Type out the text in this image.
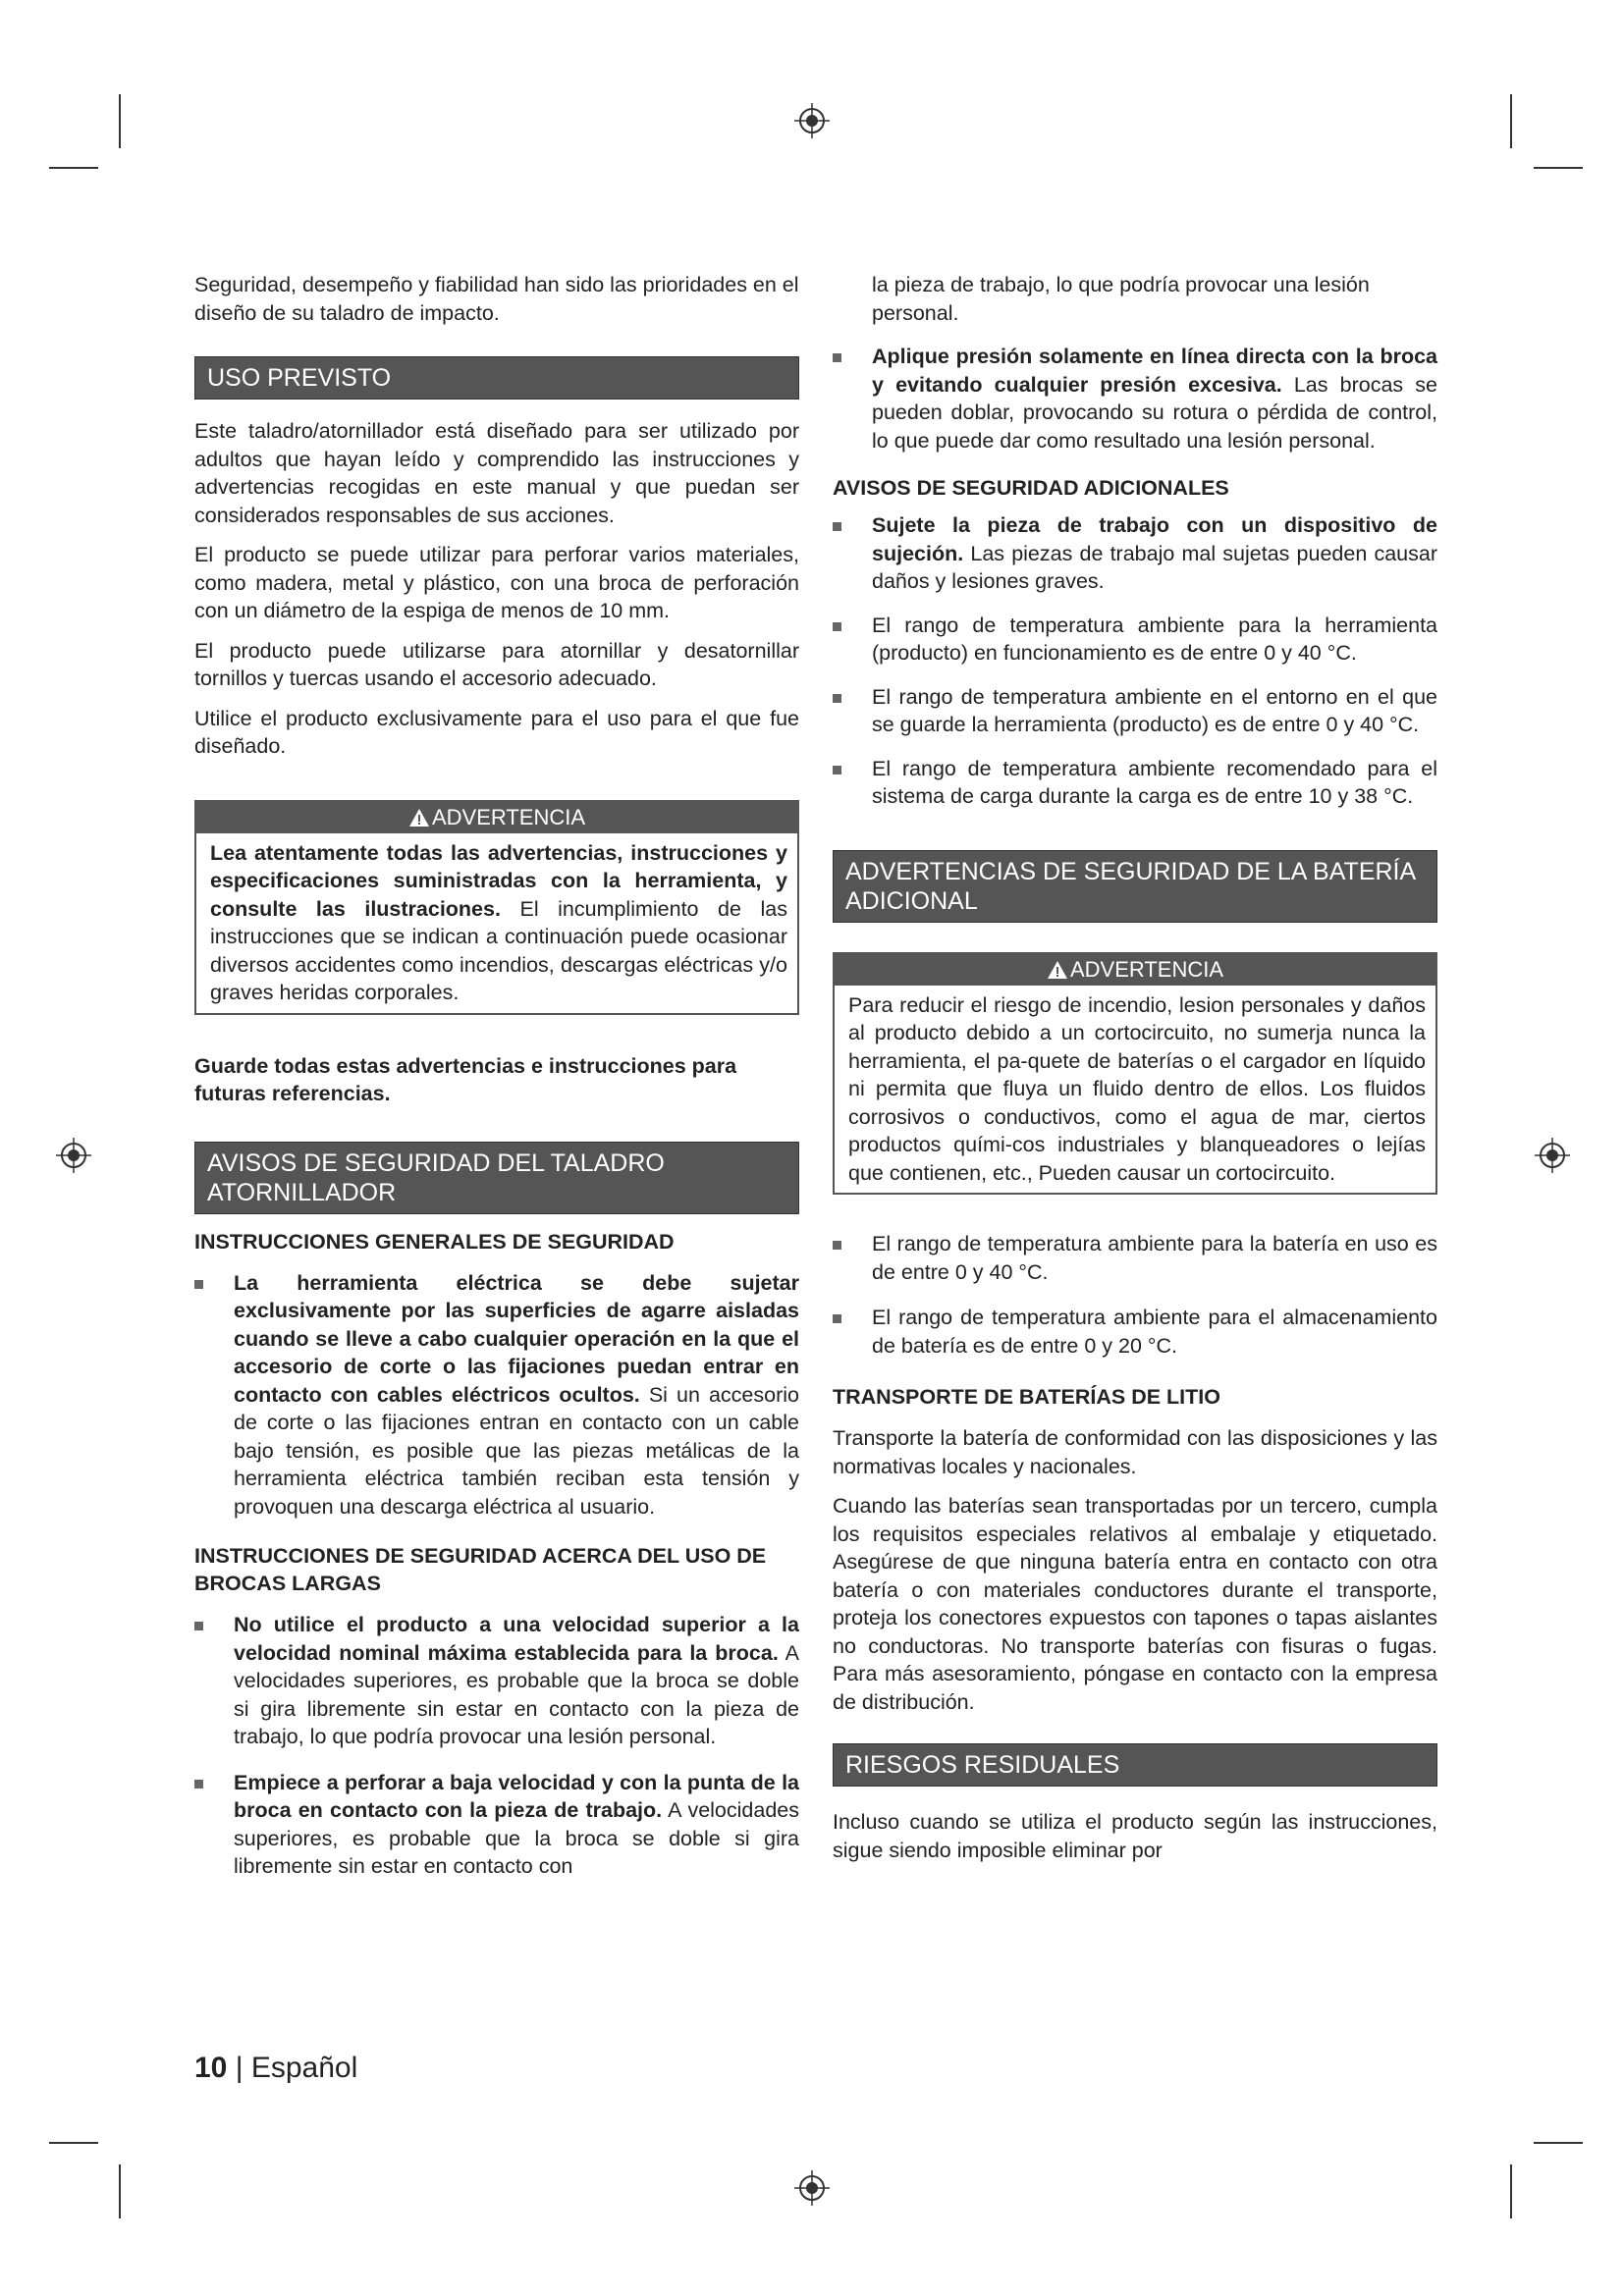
Seguridad, desempeño y fiabilidad han sido las prioridades en el diseño de su taladro de impacto.

USO PREVISTO

Este taladro/atornillador está diseñado para ser utilizado por adultos que hayan leído y comprendido las instrucciones y advertencias recogidas en este manual y que puedan ser considerados responsables de sus acciones.

El producto se puede utilizar para perforar varios materiales, como madera, metal y plástico, con una broca de perforación con un diámetro de la espiga de menos de 10 mm.

El producto puede utilizarse para atornillar y desatornillar tornillos y tuercas usando el accesorio adecuado.

Utilice el producto exclusivamente para el uso para el que fue diseñado.

ADVERTENCIA
Lea atentamente todas las advertencias, instrucciones y especificaciones suministradas con la herramienta, y consulte las ilustraciones. El incumplimiento de las instrucciones que se indican a continuación puede ocasionar diversos accidentes como incendios, descargas eléctricas y/o graves heridas corporales.

Guarde todas estas advertencias e instrucciones para futuras referencias.

AVISOS DE SEGURIDAD DEL TALADRO ATORNILLADOR
INSTRUCCIONES GENERALES DE SEGURIDAD
La herramienta eléctrica se debe sujetar exclusivamente por las superficies de agarre aisladas cuando se lleve a cabo cualquier operación en la que el accesorio de corte o las fijaciones puedan entrar en contacto con cables eléctricos ocultos. Si un accesorio de corte o las fijaciones entran en contacto con un cable bajo tensión, es posible que las piezas metálicas de la herramienta eléctrica también reciban esta tensión y provoquen una descarga eléctrica al usuario.
INSTRUCCIONES DE SEGURIDAD ACERCA DEL USO DE BROCAS LARGAS
No utilice el producto a una velocidad superior a la velocidad nominal máxima establecida para la broca. A velocidades superiores, es probable que la broca se doble si gira libremente sin estar en contacto con la pieza de trabajo, lo que podría provocar una lesión personal.
Empiece a perforar a baja velocidad y con la punta de la broca en contacto con la pieza de trabajo. A velocidades superiores, es probable que la broca se doble si gira libremente sin estar en contacto con

la pieza de trabajo, lo que podría provocar una lesión personal.

Aplique presión solamente en línea directa con la broca y evitando cualquier presión excesiva. Las brocas se pueden doblar, provocando su rotura o pérdida de control, lo que puede dar como resultado una lesión personal.
AVISOS DE SEGURIDAD ADICIONALES
Sujete la pieza de trabajo con un dispositivo de sujeción. Las piezas de trabajo mal sujetas pueden causar daños y lesiones graves.
El rango de temperatura ambiente para la herramienta (producto) en funcionamiento es de entre 0 y 40 °C.
El rango de temperatura ambiente en el entorno en el que se guarde la herramienta (producto) es de entre 0 y 40 °C.
El rango de temperatura ambiente recomendado para el sistema de carga durante la carga es de entre 10 y 38 °C.
ADVERTENCIAS DE SEGURIDAD DE LA BATERÍA ADICIONAL
ADVERTENCIA
Para reducir el riesgo de incendio, lesion personales y daños al producto debido a un cortocircuito, no sumerja nunca la herramienta, el pa-quete de baterías o el cargador en líquido ni permita que fluya un fluido dentro de ellos. Los fluidos corrosivos o conductivos, como el agua de mar, ciertos productos quími-cos industriales y blanqueadores o lejías que contienen, etc., Pueden causar un cortocircuito.
El rango de temperatura ambiente para la batería en uso es de entre 0 y 40 °C.
El rango de temperatura ambiente para el almacenamiento de batería es de entre 0 y 20 °C.
TRANSPORTE DE BATERÍAS DE LITIO

Transporte la batería de conformidad con las disposiciones y las normativas locales y nacionales.

Cuando las baterías sean transportadas por un tercero, cumpla los requisitos especiales relativos al embalaje y etiquetado. Asegúrese de que ninguna batería entra en contacto con otra batería o con materiales conductores durante el transporte, proteja los conectores expuestos con tapones o tapas aislantes no conductoras. No transporte baterías con fisuras o fugas. Para más asesoramiento, póngase en contacto con la empresa de distribución.

RIESGOS RESIDUALES

Incluso cuando se utiliza el producto según las instrucciones, sigue siendo imposible eliminar por

10 | Español
